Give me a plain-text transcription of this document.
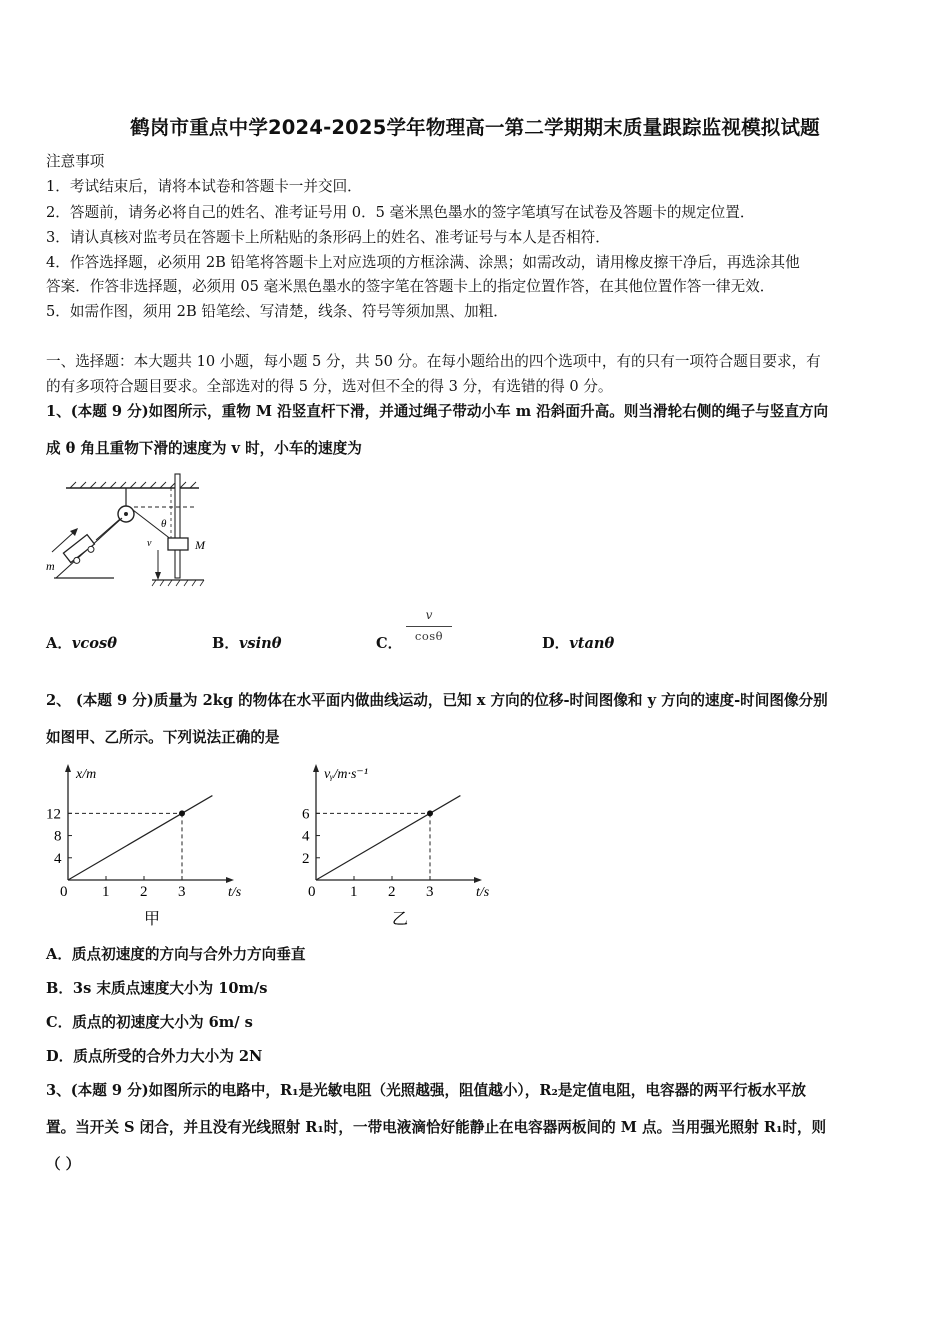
鹤岗市重点中学2024-2025学年物理高一第二学期期末质量跟踪监视模拟试题
注意事项
1．考试结束后，请将本试卷和答题卡一并交回．
2．答题前，请务必将自己的姓名、准考证号用 0．5 毫米黑色墨水的签字笔填写在试卷及答题卡的规定位置．
3．请认真核对监考员在答题卡上所粘贴的条形码上的姓名、准考证号与本人是否相符．
4．作答选择题，必须用 2B 铅笔将答题卡上对应选项的方框涂满、涂黑；如需改动，请用橡皮擦干净后，再选涂其他
答案．作答非选择题，必须用 05 毫米黑色墨水的签字笔在答题卡上的指定位置作答，在其他位置作答一律无效．
5．如需作图，须用 2B 铅笔绘、写清楚，线条、符号等须加黑、加粗．
一、选择题：本大题共 10 小题，每小题 5 分，共 50 分。在每小题给出的四个选项中，有的只有一项符合题目要求，有
的有多项符合题目要求。全部选对的得 5 分，选对但不全的得 3 分，有选错的得 0 分。
1、(本题 9 分)如图所示，重物 M 沿竖直杆下滑，并通过绳子带动小车 m 沿斜面升高。则当滑轮右侧的绳子与竖直方向
成 θ 角且重物下滑的速度为 v 时，小车的速度为
θ
M
v
m
A．vcosθ	B．vsinθ	C．
v
cosθ	D．vtanθ
2、 (本题 9 分)质量为 2kg 的物体在水平面内做曲线运动，已知 x 方向的位移-时间图像和 y 方向的速度-时间图像分别
如图甲、乙所示。下列说法正确的是
x/m
t/s
0 1 2 3
4
8
12
甲
vᵧ/m·s⁻¹
t/s
0 1 2 3
2
4
6
乙
A．质点初速度的方向与合外力方向垂直
B．3s 末质点速度大小为 10m/s
C．质点的初速度大小为 6m/ s
D．质点所受的合外力大小为 2N
3、(本题 9 分)如图所示的电路中，R₁是光敏电阻（光照越强，阻值越小），R₂是定值电阻，电容器的两平行板水平放
置。当开关 S 闭合，并且没有光线照射 R₁时，一带电液滴恰好能静止在电容器两板间的 M 点。当用强光照射 R₁时，则
（ ）
